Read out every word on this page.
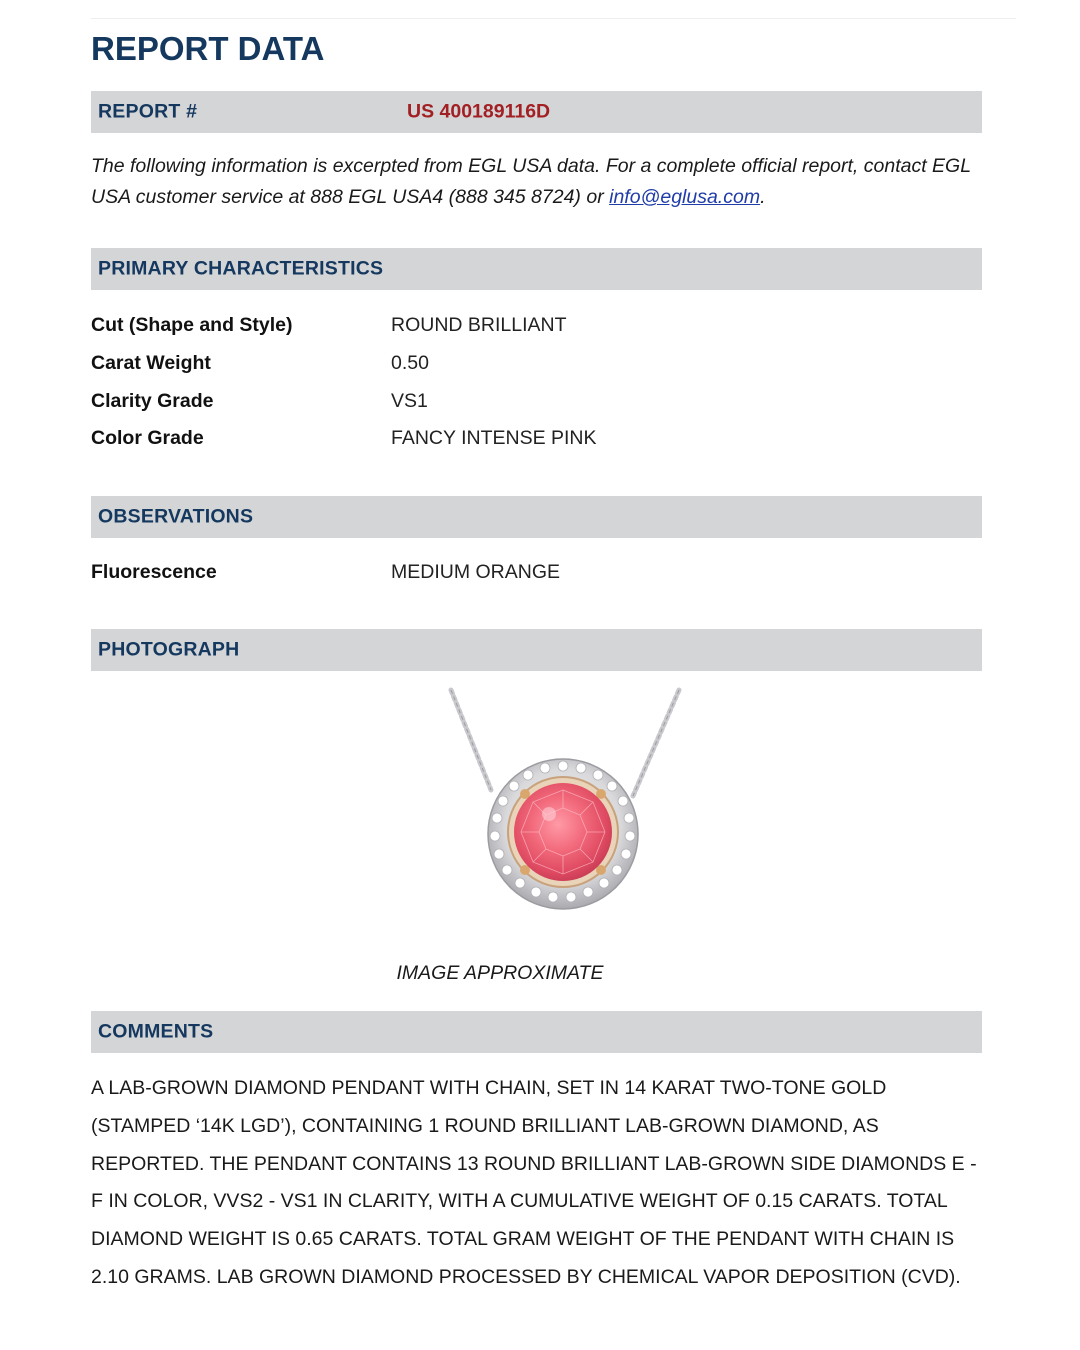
REPORT DATA
REPORT #	US 400189116D
The following information is excerpted from EGL USA data. For a complete official report, contact EGL USA customer service at 888 EGL USA4 (888 345 8724) or info@eglusa.com.
PRIMARY CHARACTERISTICS
Cut (Shape and Style)	ROUND BRILLIANT
Carat Weight	0.50
Clarity Grade	VS1
Color Grade	FANCY INTENSE PINK
OBSERVATIONS
Fluorescence	MEDIUM ORANGE
PHOTOGRAPH
IMAGE APPROXIMATE
COMMENTS
A LAB-GROWN DIAMOND PENDANT WITH CHAIN, SET IN 14 KARAT TWO-TONE GOLD (STAMPED ‘14K LGD’), CONTAINING 1 ROUND BRILLIANT LAB-GROWN DIAMOND, AS REPORTED. THE PENDANT CONTAINS 13 ROUND BRILLIANT LAB-GROWN SIDE DIAMONDS E - F IN COLOR, VVS2 - VS1 IN CLARITY, WITH A CUMULATIVE WEIGHT OF 0.15 CARATS. TOTAL DIAMOND WEIGHT IS 0.65 CARATS. TOTAL GRAM WEIGHT OF THE PENDANT WITH CHAIN IS 2.10 GRAMS. LAB GROWN DIAMOND PROCESSED BY CHEMICAL VAPOR DEPOSITION (CVD).
